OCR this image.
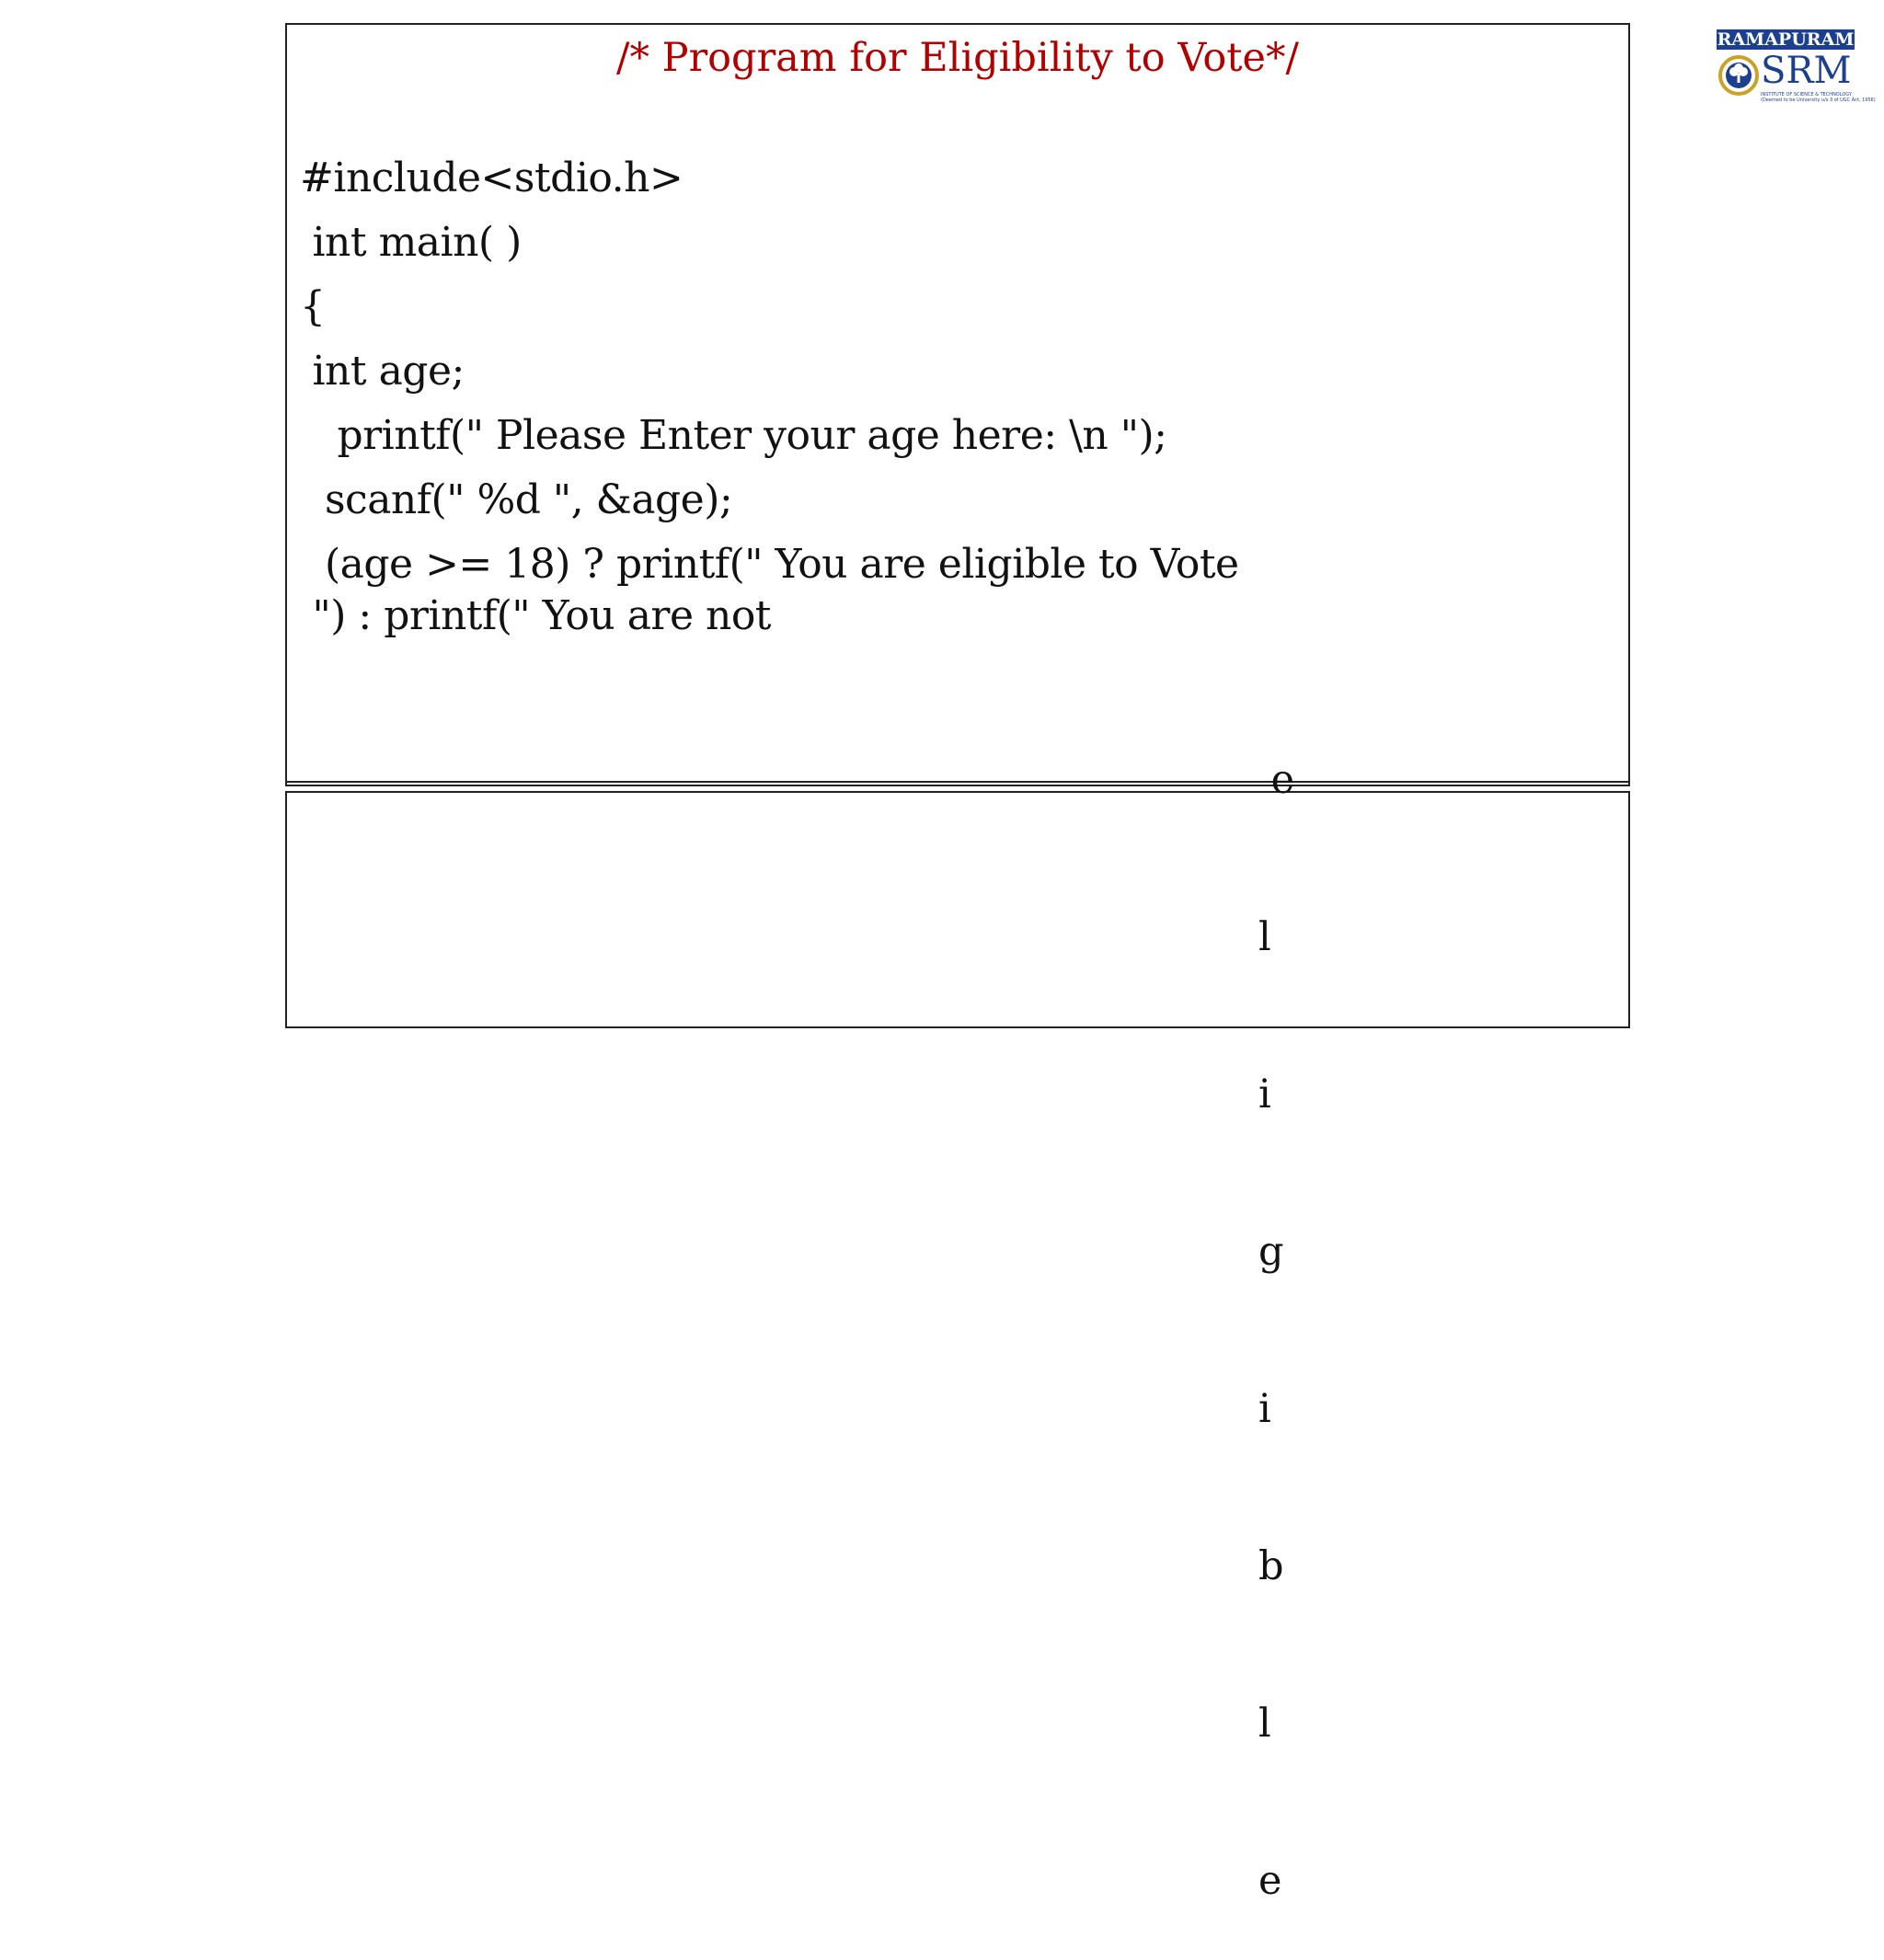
/* Program for Eligibility to Vote*/
#include<stdio.h>
int main( )
{
int age;
printf(" Please Enter your age here: \n ");
scanf(" %d ", &age);
(age >= 18) ? printf(" You are eligible to Vote
") : printf(" You are not

e

l

i

g

i

b

l

e

RAMAPURAM
SRM
INSTITUTE OF SCIENCE & TECHNOLOGY
(Deemed to be University u/s 3 of UGC Act, 1956)
